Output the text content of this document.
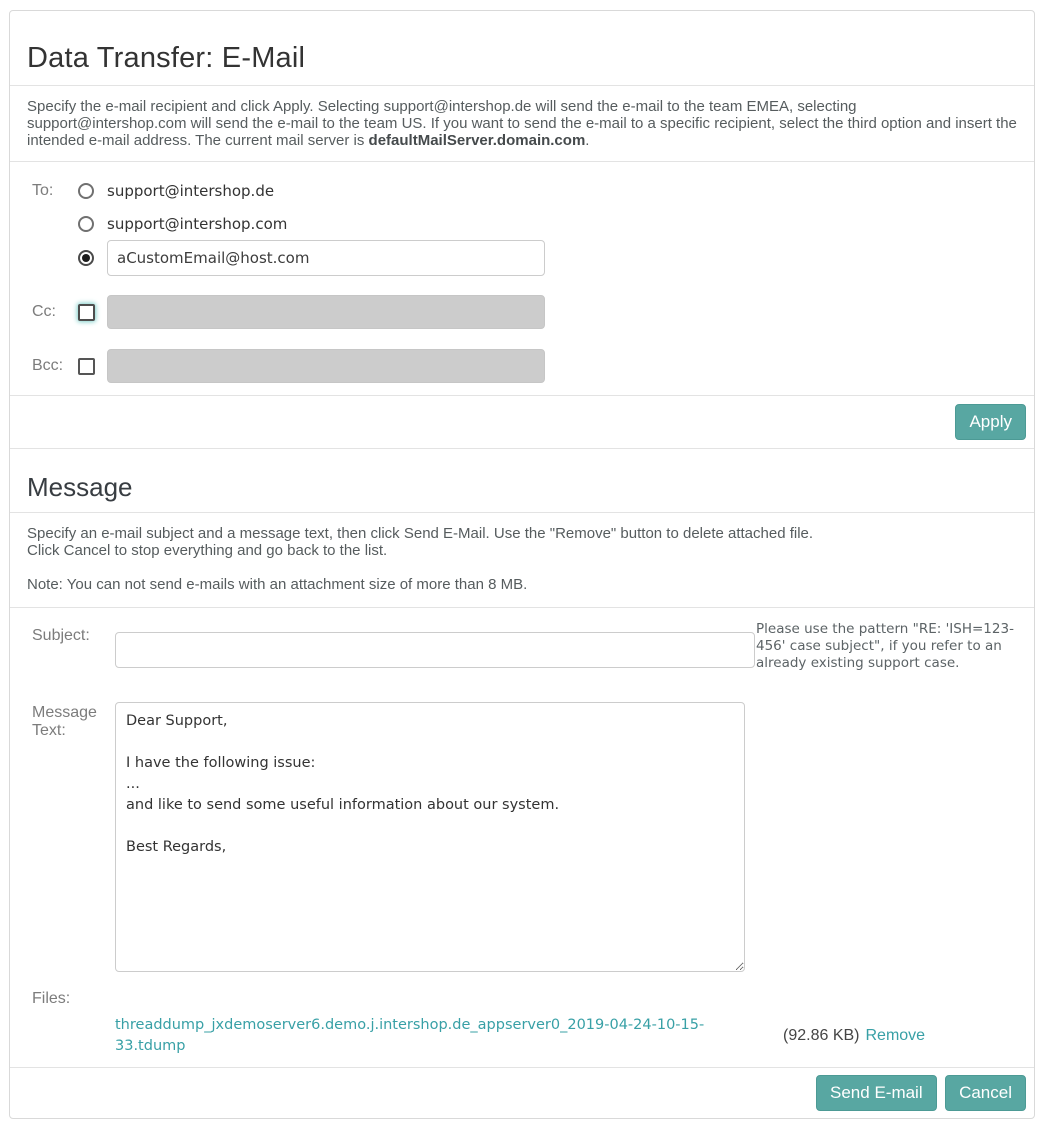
Data Transfer: E-Mail

Specify the e-mail recipient and click Apply. Selecting support@intershop.de will send the e-mail to the team EMEA, selecting support@intershop.com will send the e-mail to the team US. If you want to send the e-mail to a specific recipient, select the third option and insert the intended e-mail address. The current mail server is defaultMailServer.domain.com.

To:	support@intershop.de
support@intershop.com
aCustomEmail@host.com
Cc:
Bcc:
Apply
Message

Specify an e-mail subject and a message text, then click Send E-Mail. Use the "Remove" button to delete attached file.
Click Cancel to stop everything and go back to the list.

Note: You can not send e-mails with an attachment size of more than 8 MB.

Subject:
Message Text:
Dear Support, I have the following issue: ... and like to send some useful information about our system. Best Regards,
Files:
threaddump_jxdemoserver6.demo.j.intershop.de_appserver0_2019-04-24-10-15-33.tdump
(92.86 KB) Remove

Please use the pattern "RE: 'ISH=123-456' case subject", if you refer to an already existing support case.

Send E-mail Cancel
